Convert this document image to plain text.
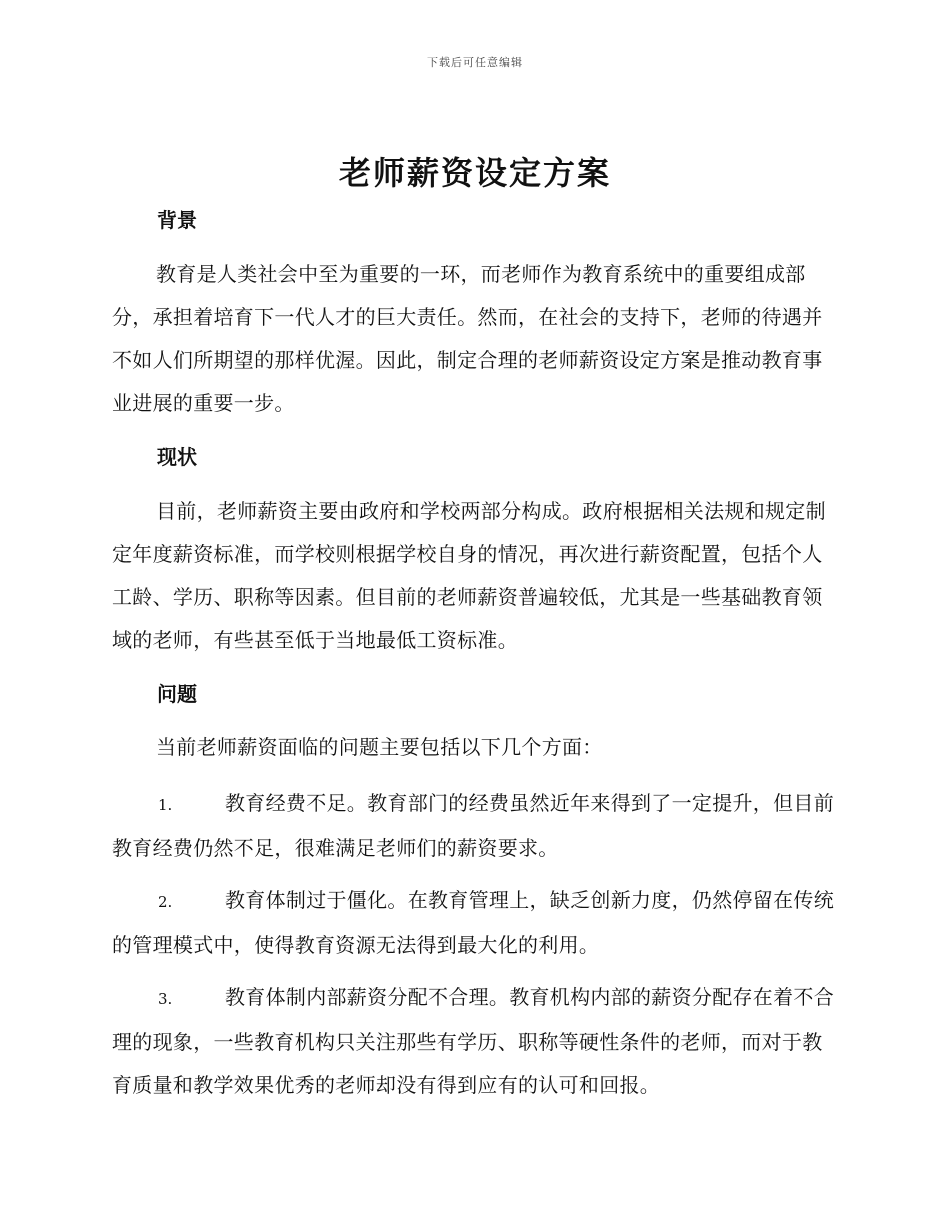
下载后可任意编辑
老师薪资设定方案
背景

教育是人类社会中至为重要的一环，而老师作为教育系统中的重要组成部分，承担着培育下一代人才的巨大责任。然而，在社会的支持下，老师的待遇并不如人们所期望的那样优渥。因此，制定合理的老师薪资设定方案是推动教育事业进展的重要一步。

现状

目前，老师薪资主要由政府和学校两部分构成。政府根据相关法规和规定制定年度薪资标准，而学校则根据学校自身的情况，再次进行薪资配置，包括个人工龄、学历、职称等因素。但目前的老师薪资普遍较低，尤其是一些基础教育领域的老师，有些甚至低于当地最低工资标准。

问题

当前老师薪资面临的问题主要包括以下几个方面：

1.	教育经费不足。教育部门的经费虽然近年来得到了一定提升，但目前教育经费仍然不足，很难满足老师们的薪资要求。

2.	教育体制过于僵化。在教育管理上，缺乏创新力度，仍然停留在传统的管理模式中，使得教育资源无法得到最大化的利用。

3.	教育体制内部薪资分配不合理。教育机构内部的薪资分配存在着不合理的现象，一些教育机构只关注那些有学历、职称等硬性条件的老师，而对于教育质量和教学效果优秀的老师却没有得到应有的认可和回报。
